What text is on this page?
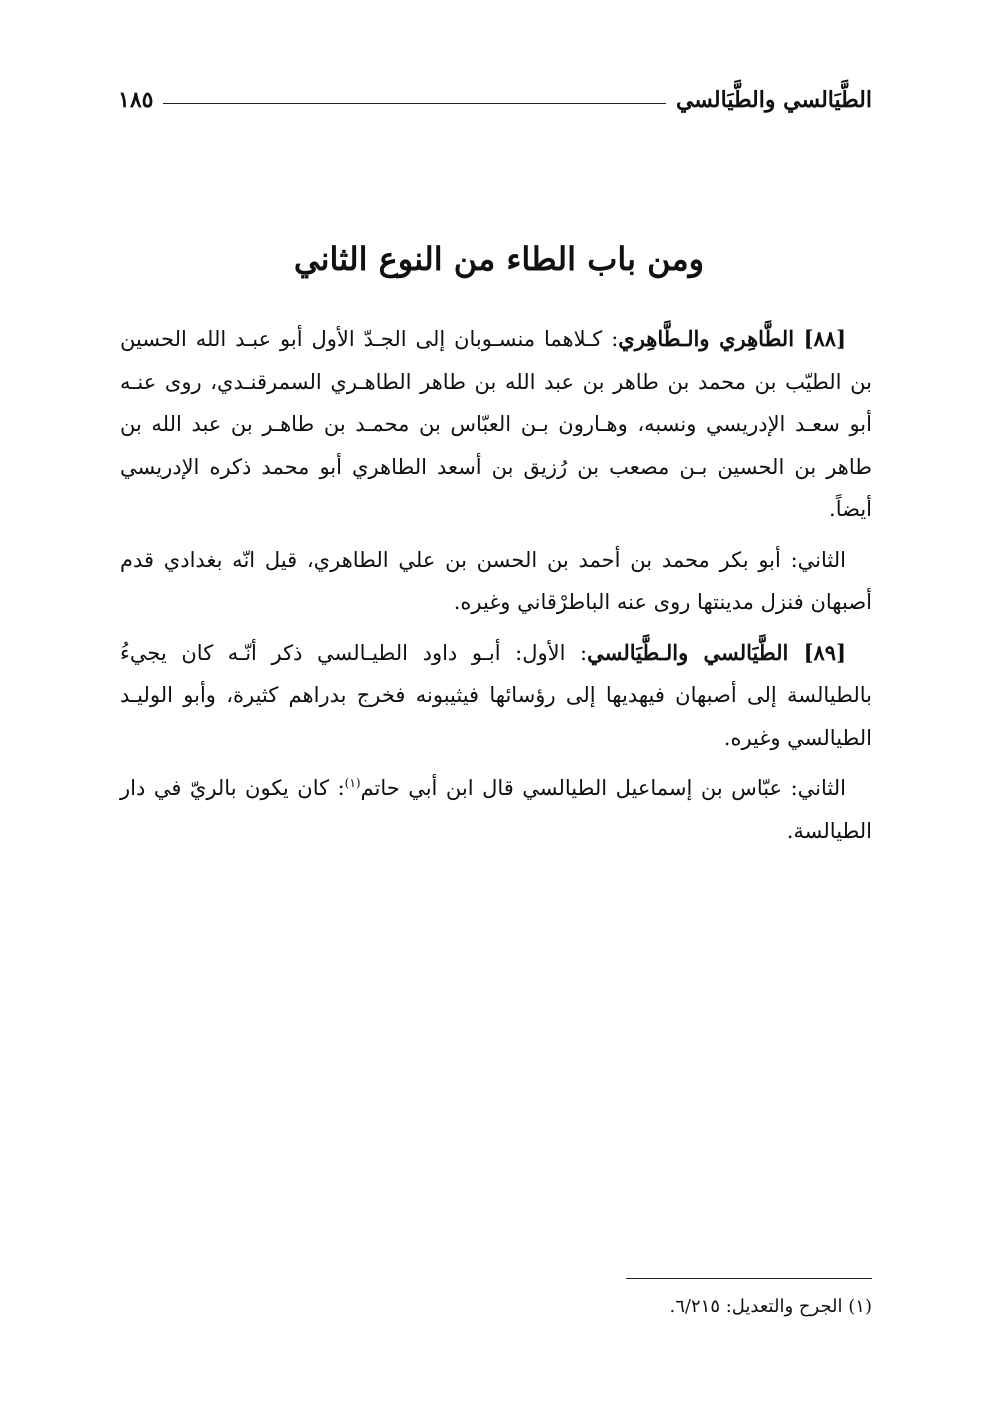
الطَّيَالسي والطَّيَالسي
١٨٥
ومن باب الطاء من النوع الثاني

[٨٨] الطَّاهِري والـطَّاهِري: كـلاهما منسـوبان إلى الجـدّ الأول أبو عبـد الله الحسين بن الطيّب بن محمد بن طاهر بن عبد الله بن طاهر الطاهـري السمرقنـدي، روى عنـه أبو سعـد الإدريسي ونسبه، وهـارون بـن العبّاس بن محمـد بن طاهـر بن عبد الله بن طاهر بن الحسين بـن مصعب بن رُزيق بن أسعد الطاهري أبو محمد ذكره الإدريسي أيضاً.

الثاني: أبو بكر محمد بن أحمد بن الحسن بن علي الطاهري، قيل انّه بغدادي قدم أصبهان فنزل مدينتها روى عنه الباطرْقاني وغيره.

[٨٩] الطَّيَالسي والـطَّيَالسي: الأول: أبـو داود الطيـالسي ذكر أنّـه كان يجيءُ بالطيالسة إلى أصبهان فيهديها إلى رؤسائها فيثيبونه فخرج بدراهم كثيرة، وأبو الوليـد الطيالسي وغيره.

الثاني: عبّاس بن إسماعيل الطيالسي قال ابن أبي حاتم$^{(١)}$: كان يكون بالريّ في دار الطيالسة.

(١) الجرح والتعديل: ٦/٢١٥.
